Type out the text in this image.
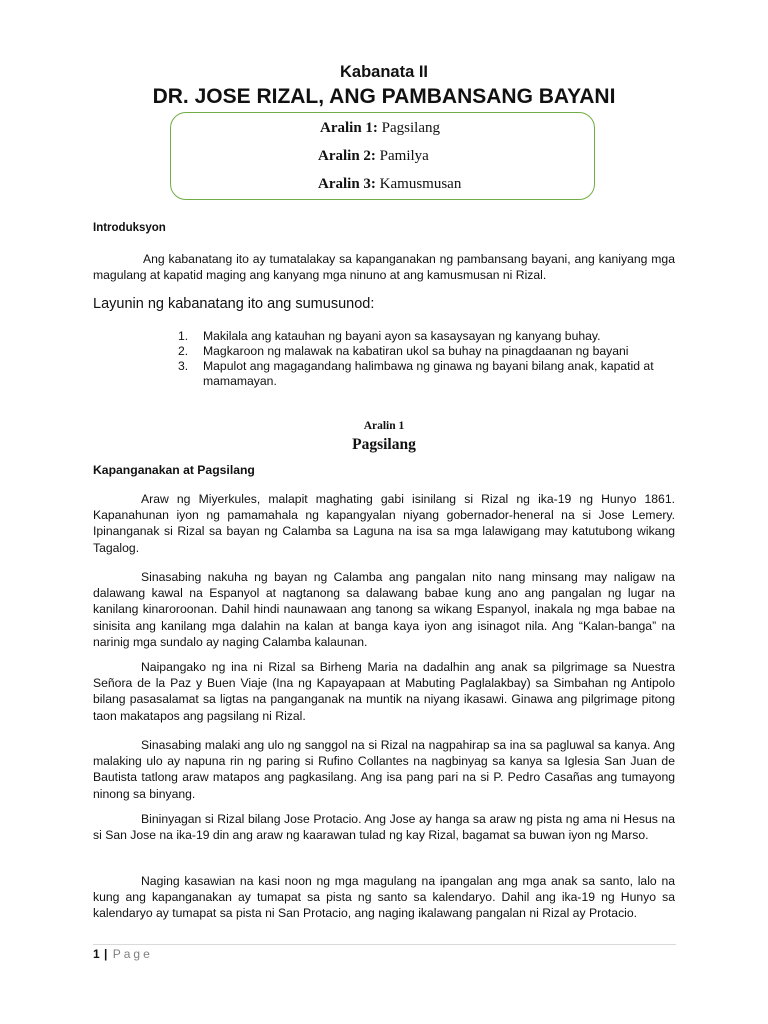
Kabanata II
DR. JOSE RIZAL, ANG PAMBANSANG BAYANI
Aralin 1: Pagsilang
Aralin 2: Pamilya
Aralin 3: Kamusmusan
Introduksyon
Ang kabanatang ito ay tumatalakay sa kapanganakan ng pambansang bayani, ang kaniyang mga magulang at kapatid maging ang kanyang mga ninuno at ang kamusmusan ni Rizal.
Layunin ng kabanatang ito ang sumusunod:
1. Makilala ang katauhan ng bayani ayon sa kasaysayan ng kanyang buhay.
2. Magkaroon ng malawak na kabatiran ukol sa buhay na pinagdaanan ng bayani
3. Mapulot ang magagandang halimbawa ng ginawa ng bayani bilang anak, kapatid at mamamayan.
Aralin 1
Pagsilang
Kapanganakan at Pagsilang
Araw ng Miyerkules, malapit maghating gabi isinilang si Rizal ng ika-19 ng Hunyo 1861. Kapanahunan iyon ng pamamahala ng kapangyalan niyang gobernador-heneral na si Jose Lemery. Ipinanganak si Rizal sa bayan ng Calamba sa Laguna na isa sa mga lalawigang may katutubong wikang Tagalog.
Sinasabing nakuha ng bayan ng Calamba ang pangalan nito nang minsang may naligaw na dalawang kawal na Espanyol at nagtanong sa dalawang babae kung ano ang pangalan ng lugar na kanilang kinaroroonan. Dahil hindi naunawaan ang tanong sa wikang Espanyol, inakala ng mga babae na sinisita ang kanilang mga dalahin na kalan at banga kaya iyon ang isinagot nila. Ang “Kalan-banga” na narinig mga sundalo ay naging Calamba kalaunan.
Naipangako ng ina ni Rizal sa Birheng Maria na dadalhin ang anak sa pilgrimage sa Nuestra Señora de la Paz y Buen Viaje (Ina ng Kapayapaan at Mabuting Paglalakbay) sa Simbahan ng Antipolo bilang pasasalamat sa ligtas na panganganak na muntik na niyang ikasawi. Ginawa ang pilgrimage pitong taon makatapos ang pagsilang ni Rizal.
Sinasabing malaki ang ulo ng sanggol na si Rizal na nagpahirap sa ina sa pagluwal sa kanya. Ang malaking ulo ay napuna rin ng paring si Rufino Collantes na nagbinyag sa kanya sa Iglesia San Juan de Bautista tatlong araw matapos ang pagkasilang. Ang isa pang pari na si P. Pedro Casañas ang tumayong ninong sa binyang.
Bininyagan si Rizal bilang Jose Protacio. Ang Jose ay hanga sa araw ng pista ng ama ni Hesus na si San Jose na ika-19 din ang araw ng kaarawan tulad ng kay Rizal, bagamat sa buwan iyon ng Marso.
Naging kasawian na kasi noon ng mga magulang na ipangalan ang mga anak sa santo, lalo na kung ang kapanganakan ay tumapat sa pista ng santo sa kalendaryo. Dahil ang ika-19 ng Hunyo sa kalendaryo ay tumapat sa pista ni San Protacio, ang naging ikalawang pangalan ni Rizal ay Protacio.
1 | Page
